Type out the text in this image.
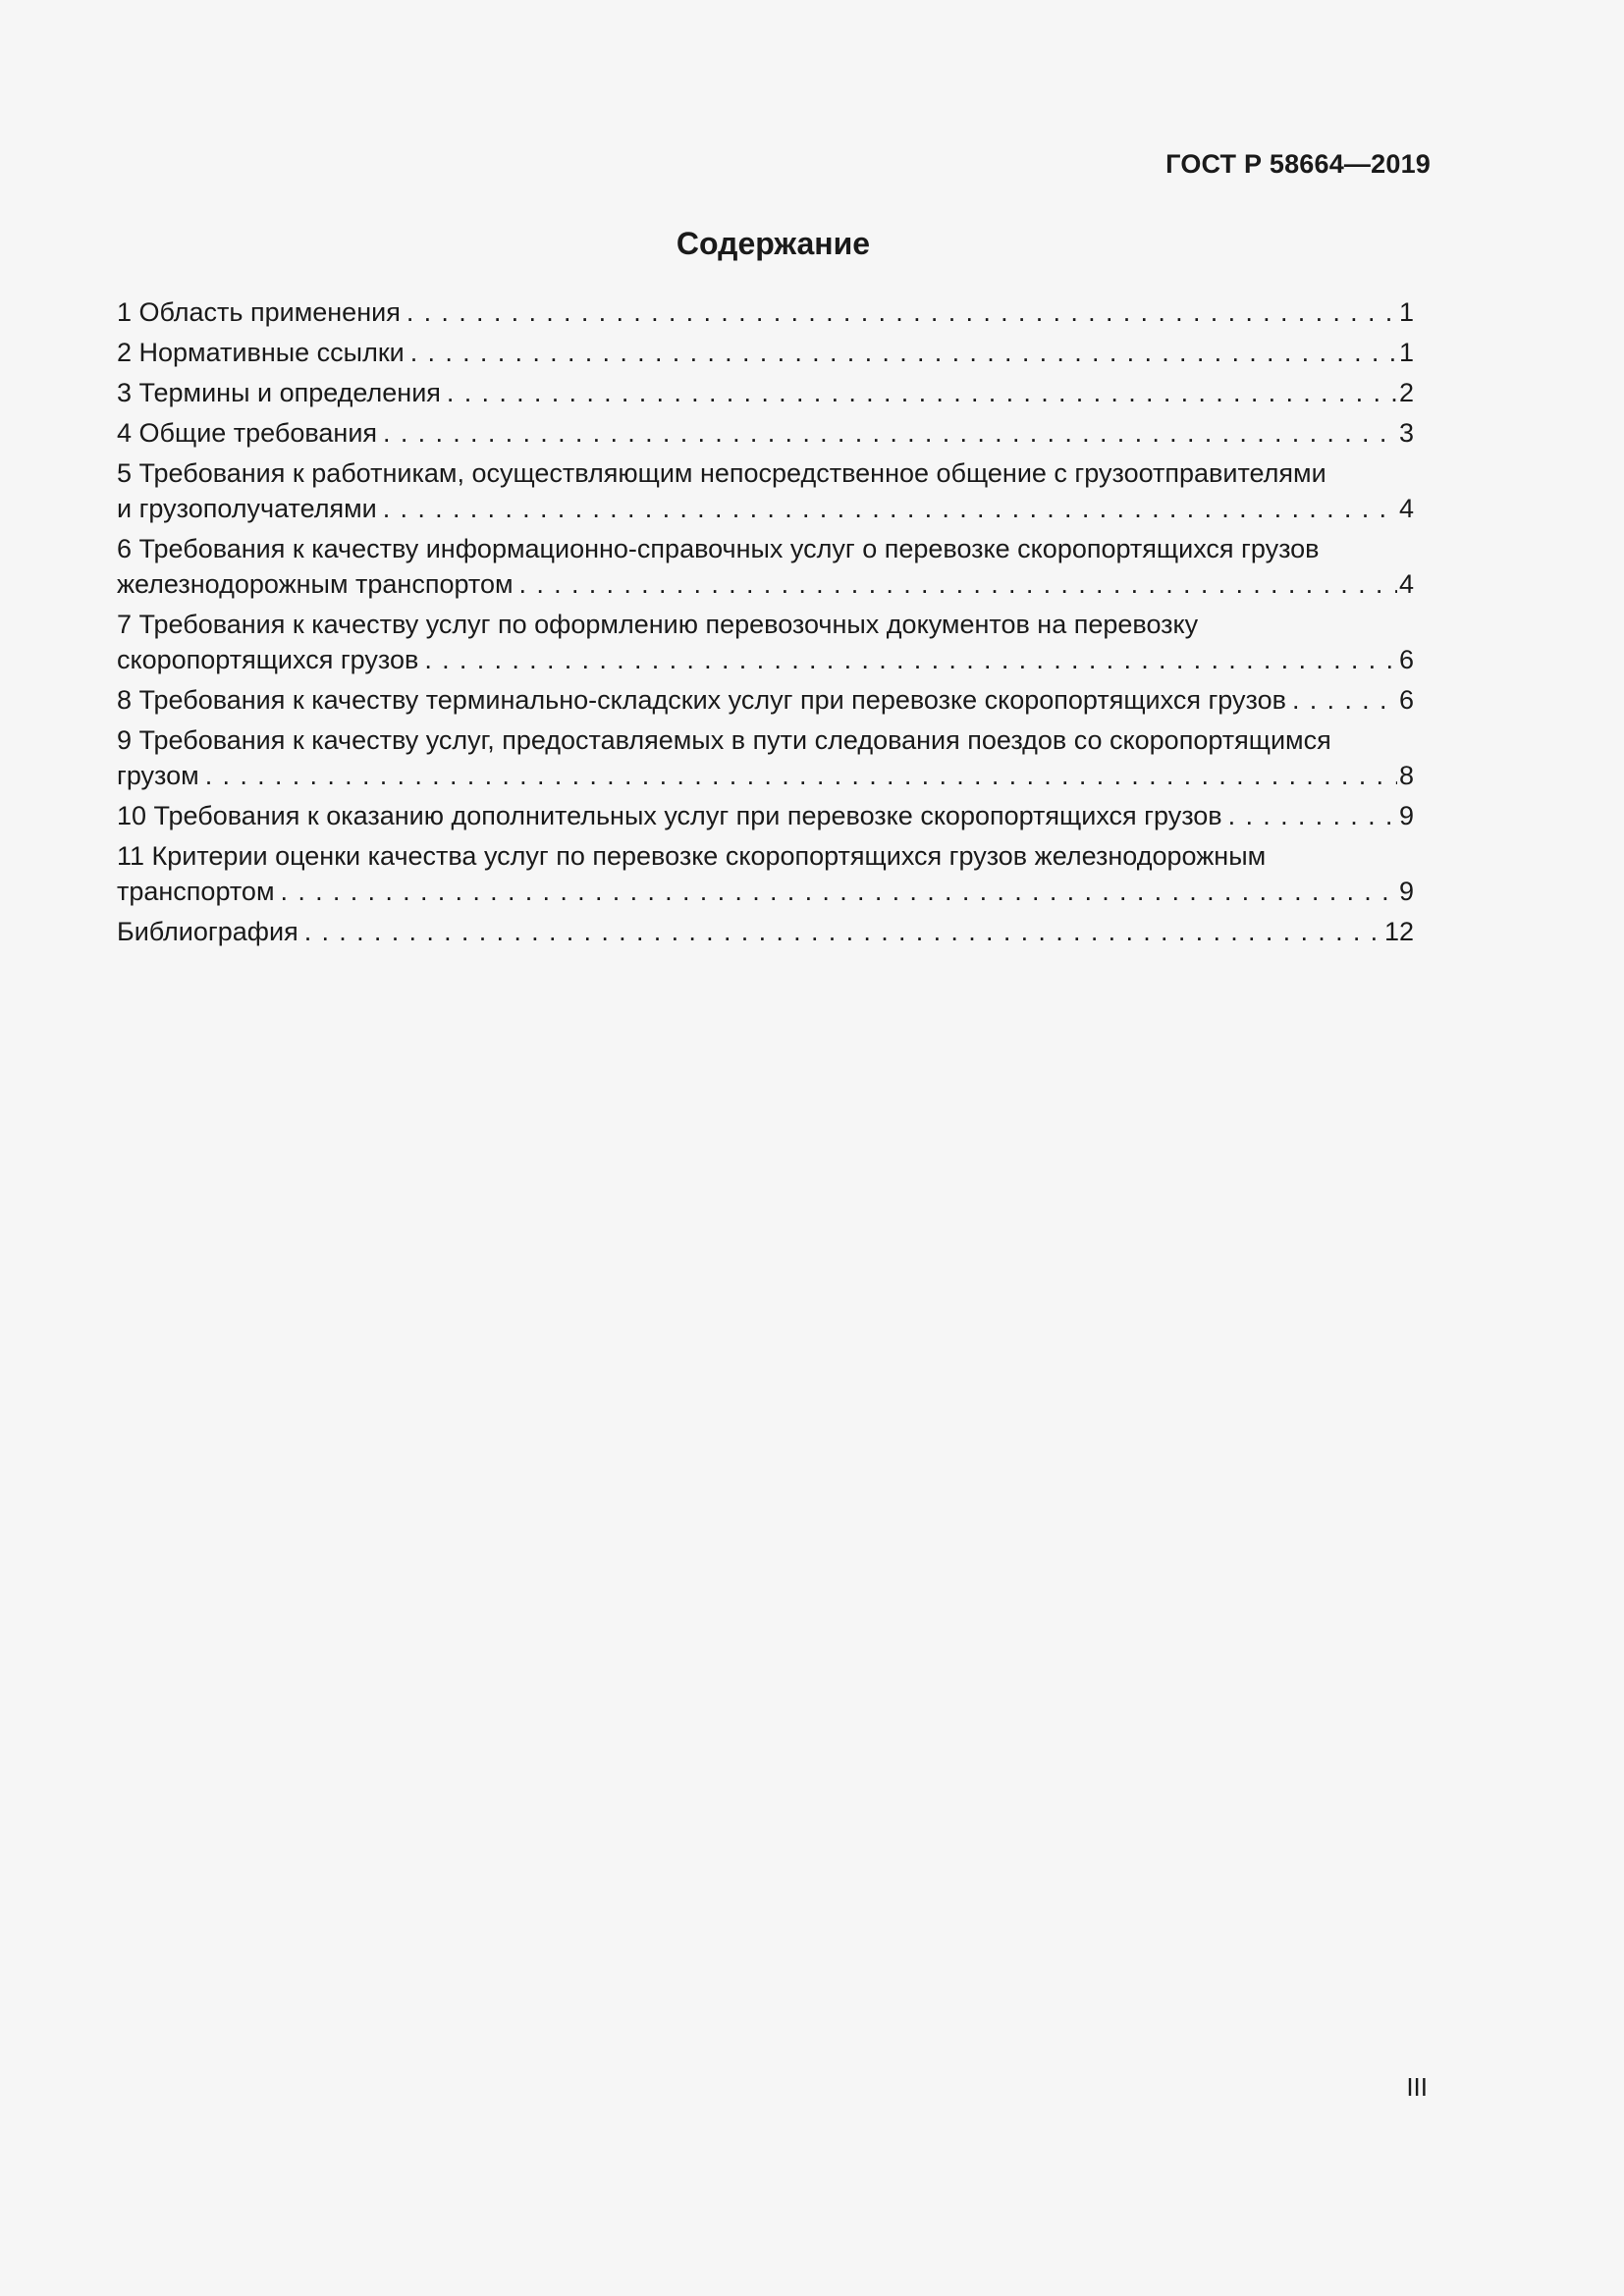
ГОСТ Р 58664—2019
Содержание
1 Область применения . . .	1
2 Нормативные ссылки . . .	1
3 Термины и определения . . .	2
4 Общие требования . . .	3
5 Требования к работникам, осуществляющим непосредственное общение с грузоотправителями
и грузополучателями . . .	4
6 Требования к качеству информационно-справочных услуг о перевозке скоропортящихся грузов
железнодорожным транспортом . . .	4
7 Требования к качеству услуг по оформлению перевозочных документов на перевозку
скоропортящихся грузов . . .	6
8 Требования к качеству терминально-складских услуг при перевозке скоропортящихся грузов . . .	6
9 Требования к качеству услуг, предоставляемых в пути следования поездов со скоропортящимся
грузом . . .	8
10 Требования к оказанию дополнительных услуг при перевозке скоропортящихся грузов . . .	9
11 Критерии оценки качества услуг по перевозке скоропортящихся грузов железнодорожным
транспортом . . .	9
Библиография . . .	12
III
